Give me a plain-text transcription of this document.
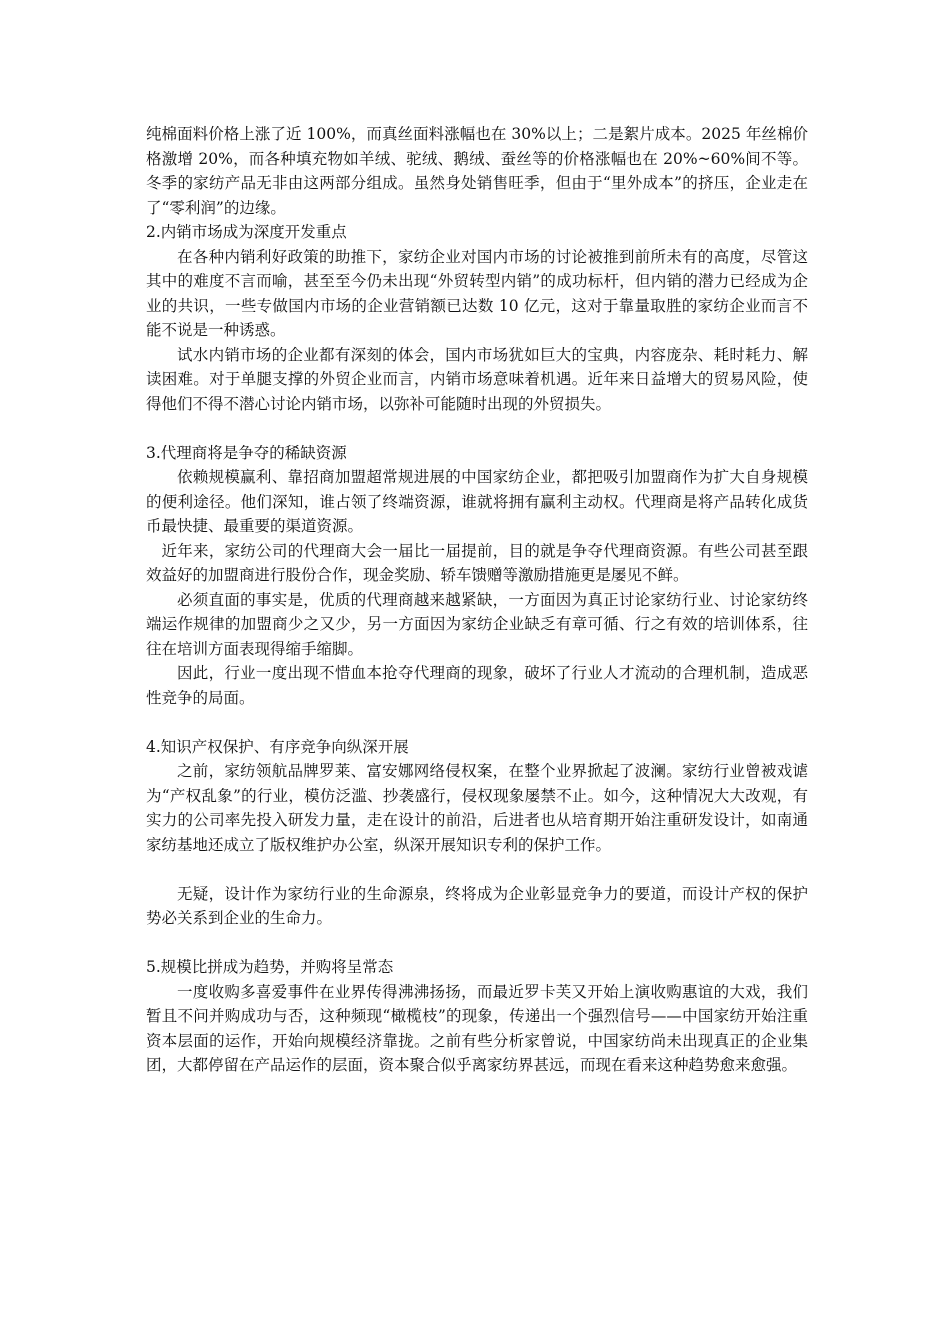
纯棉面料价格上涨了近 100%，而真丝面料涨幅也在 30%以上；二是絮片成本。2025 年丝棉价格激增 20%，而各种填充物如羊绒、驼绒、鹅绒、蚕丝等的价格涨幅也在 20%~60%间不等。冬季的家纺产品无非由这两部分组成。虽然身处销售旺季，但由于“里外成本”的挤压，企业走在了“零利润”的边缘。

2.内销市场成为深度开发重点

在各种内销利好政策的助推下，家纺企业对国内市场的讨论被推到前所未有的高度，尽管这其中的难度不言而喻，甚至至今仍未出现“外贸转型内销”的成功标杆，但内销的潜力已经成为企业的共识，一些专做国内市场的企业营销额已达数 10 亿元，这对于靠量取胜的家纺企业而言不能不说是一种诱惑。

试水内销市场的企业都有深刻的体会，国内市场犹如巨大的宝典，内容庞杂、耗时耗力、解读困难。对于单腿支撑的外贸企业而言，内销市场意味着机遇。近年来日益增大的贸易风险，使得他们不得不潜心讨论内销市场，以弥补可能随时出现的外贸损失。

3.代理商将是争夺的稀缺资源

依赖规模赢利、靠招商加盟超常规进展的中国家纺企业，都把吸引加盟商作为扩大自身规模的便利途径。他们深知，谁占领了终端资源，谁就将拥有赢利主动权。代理商是将产品转化成货币最快捷、最重要的渠道资源。

近年来，家纺公司的代理商大会一届比一届提前，目的就是争夺代理商资源。有些公司甚至跟效益好的加盟商进行股份合作，现金奖励、轿车馈赠等激励措施更是屡见不鲜。

必须直面的事实是，优质的代理商越来越紧缺，一方面因为真正讨论家纺行业、讨论家纺终端运作规律的加盟商少之又少，另一方面因为家纺企业缺乏有章可循、行之有效的培训体系，往往在培训方面表现得缩手缩脚。

因此，行业一度出现不惜血本抢夺代理商的现象，破坏了行业人才流动的合理机制，造成恶性竞争的局面。

4.知识产权保护、有序竞争向纵深开展

之前，家纺领航品牌罗莱、富安娜网络侵权案，在整个业界掀起了波澜。家纺行业曾被戏谑为“产权乱象”的行业，模仿泛滥、抄袭盛行，侵权现象屡禁不止。如今，这种情况大大改观，有实力的公司率先投入研发力量，走在设计的前沿，后进者也从培育期开始注重研发设计，如南通家纺基地还成立了版权维护办公室，纵深开展知识专利的保护工作。

无疑，设计作为家纺行业的生命源泉，终将成为企业彰显竞争力的要道，而设计产权的保护势必关系到企业的生命力。

5.规模比拼成为趋势，并购将呈常态

一度收购多喜爱事件在业界传得沸沸扬扬，而最近罗卡芙又开始上演收购惠谊的大戏，我们暂且不问并购成功与否，这种频现“橄榄枝”的现象，传递出一个强烈信号——中国家纺开始注重资本层面的运作，开始向规模经济靠拢。之前有些分析家曾说，中国家纺尚未出现真正的企业集团，大都停留在产品运作的层面，资本聚合似乎离家纺界甚远，而现在看来这种趋势愈来愈强。
